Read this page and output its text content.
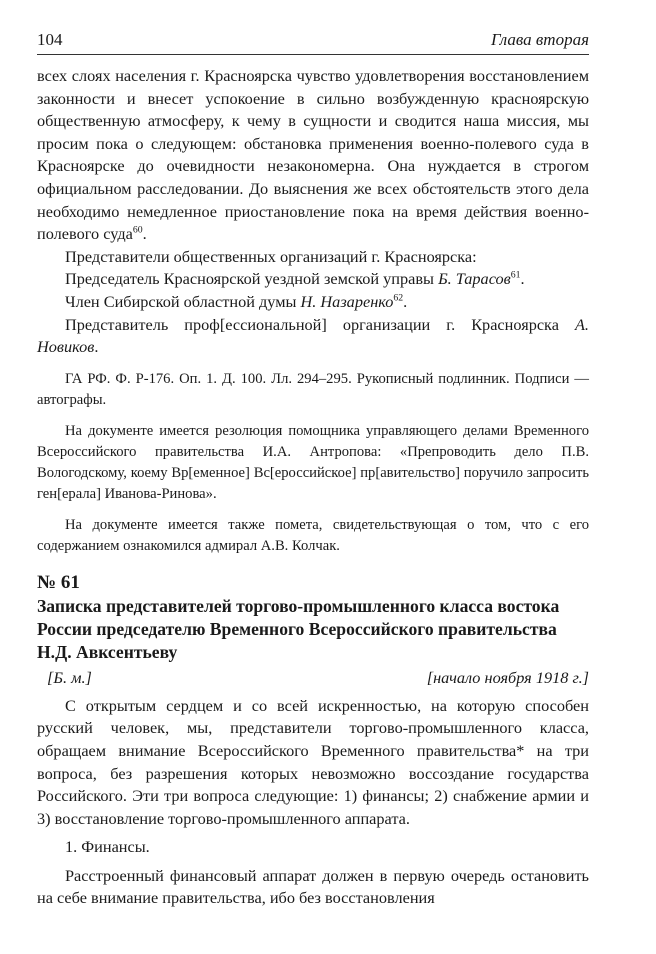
104	Глава вторая

всех слоях населения г. Красноярска чувство удовлетворения восстановлением законности и внесет успокоение в сильно возбужденную красноярскую общественную атмосферу, к чему в сущности и сводится наша миссия, мы просим пока о следующем: обстановка применения военно-полевого суда в Красноярске до очевидности незакономерна. Она нуждается в строгом официальном расследовании. До выяснения же всех обстоятельств этого дела необходимо немедленное приостановление пока на время действия военно-полевого суда$^{60}$.

Представители общественных организаций г. Красноярска:

Председатель Красноярской уездной земской управы Б. Тарасов$^{61}$.

Член Сибирской областной думы Н. Назаренко$^{62}$.

Представитель проф[ессиональной] организации г. Красноярска А. Новиков.

ГА РФ. Ф. Р-176. Оп. 1. Д. 100. Лл. 294–295. Рукописный подлинник. Подписи — автографы.

На документе имеется резолюция помощника управляющего делами Временного Всероссийского правительства И.А. Антропова: «Препроводить дело П.В. Вологодскому, коему Вр[еменное] Вс[ероссийское] пр[авительство] поручило запросить ген[ерала] Иванова-Ринова».

На документе имеется также помета, свидетельствующая о том, что с его содержанием ознакомился адмирал А.В. Колчак.

№ 61
Записка представителей торгово-промышленного класса востока России председателю Временного Всероссийского правительства Н.Д. Авксентьеву
[Б. м.]	[начало ноября 1918 г.]

С открытым сердцем и со всей искренностью, на которую способен русский человек, мы, представители торгово-промышленного класса, обращаем внимание Всероссийского Временного правительства* на три вопроса, без разрешения которых невозможно воссоздание государства Российского. Эти три вопроса следующие: 1) финансы; 2) снабжение армии и 3) восстановление торгово-промышленного аппарата.

1. Финансы.

Расстроенный финансовый аппарат должен в первую очередь остановить на себе внимание правительства, ибо без восстановления
